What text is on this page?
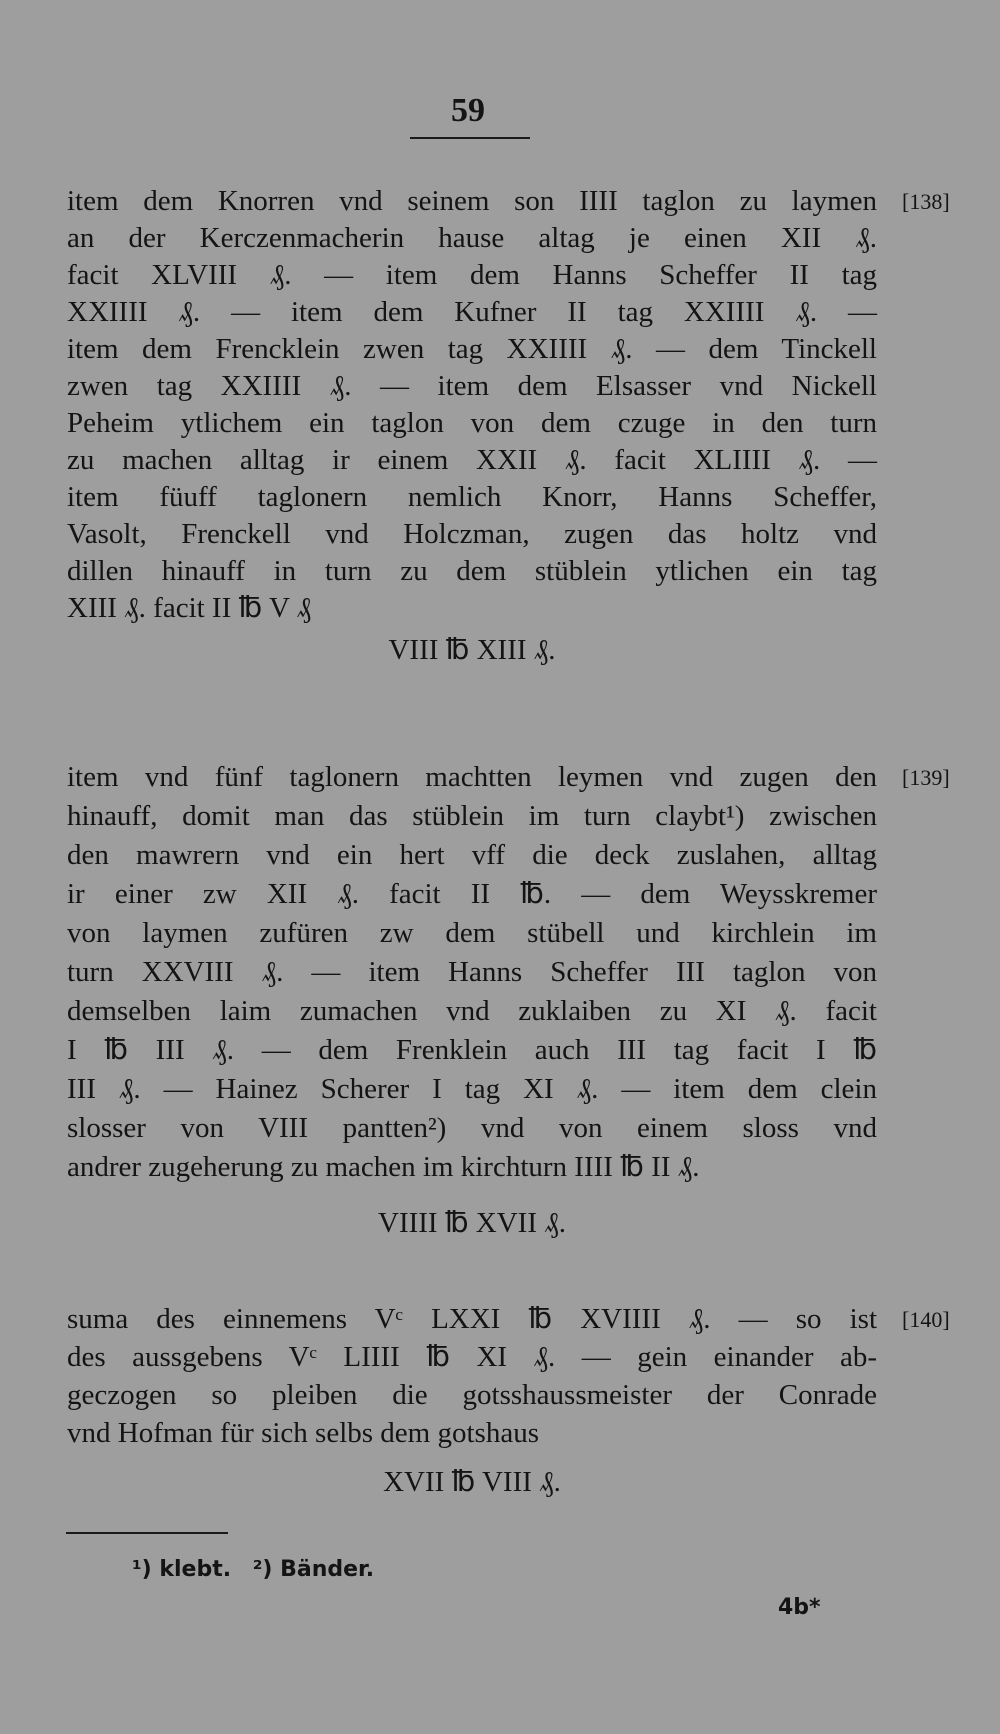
59
[138]
item dem Knorren vnd seinem son IIII taglon zu laymen
an der Kerczenmacherin hause altag je einen XII ₰.
facit XLVIII ₰. — item dem Hanns Scheffer II tag
XXIIII ₰. — item dem Kufner II tag XXIIII ₰. —
item dem Frencklein zwen tag XXIIII ₰. — dem Tinckell
zwen tag XXIIII ₰. — item dem Elsasser vnd Nickell
Peheim ytlichem ein taglon von dem czuge in den turn
zu machen alltag ir einem XXII ₰. facit XLIIII ₰. —
item füuff taglonern nemlich Knorr, Hanns Scheffer,
Vasolt, Frenckell vnd Holczman, zugen das holtz vnd
dillen hinauff in turn zu dem stüblein ytlichen ein tag
XIII ₰. facit II ℔ V ₰
VIII ℔ XIII ₰.
[139]
item vnd fünf taglonern machtten leymen vnd zugen den
hinauff, domit man das stüblein im turn claybt¹) zwischen
den mawrern vnd ein hert vff die deck zuslahen, alltag
ir einer zw XII ₰. facit II ℔. — dem Weysskremer
von laymen zufüren zw dem stübell und kirchlein im
turn XXVIII ₰. — item Hanns Scheffer III taglon von
demselben laim zumachen vnd zuklaiben zu XI ₰. facit
I ℔ III ₰. — dem Frenklein auch III tag facit I ℔
III ₰. — Hainez Scherer I tag XI ₰. — item dem clein
slosser von VIII pantten²) vnd von einem sloss vnd
andrer zugeherung zu machen im kirchturn IIII ℔ II ₰.
VIIII ℔ XVII ₰.
[140]
suma des einnemens Vᶜ LXXI ℔ XVIIII ₰. — so ist
des aussgebens Vᶜ LIIII ℔ XI ₰. — gein einander ab-
geczogen so pleiben die gotsshaussmeister der Conrade
vnd Hofman für sich selbs dem gotshaus
XVII ℔ VIII ₰.
¹) klebt. ²) Bänder.
4b*
